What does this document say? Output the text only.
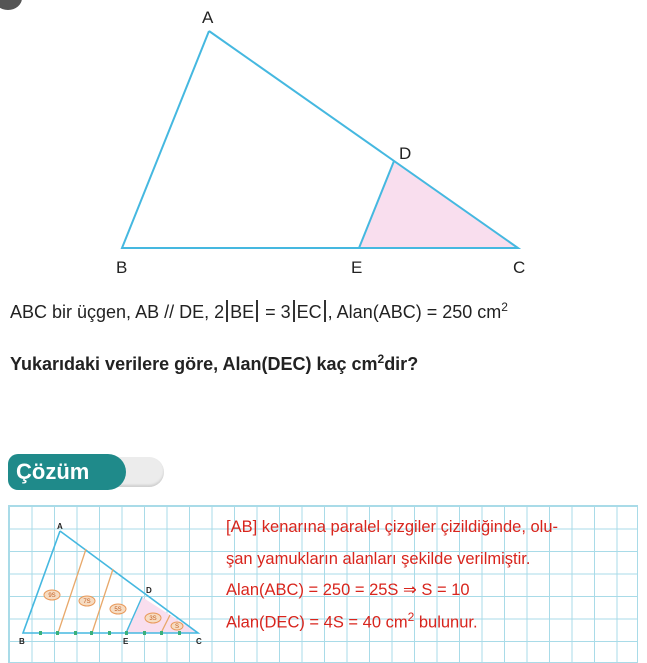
A
D
B	E	C
ABC bir üçgen, AB // DE, 2 BE = 3 EC , Alan(ABC) = 250 $cm^2$
Yukarıdaki verilere göre, Alan(DEC) kaç $cm^2dir$?
Çözüm
A
D
B	E	C
9S
7S
5S
3S
S
[AB] kenarına paralel çizgiler çizildiğinde, olu-
şan yamukların alanları şekilde verilmiştir.
Alan(ABC) = 250 = 25S ⇒ S = 10
Alan(DEC) = 4S = 40 $cm^2$ bulunur.
